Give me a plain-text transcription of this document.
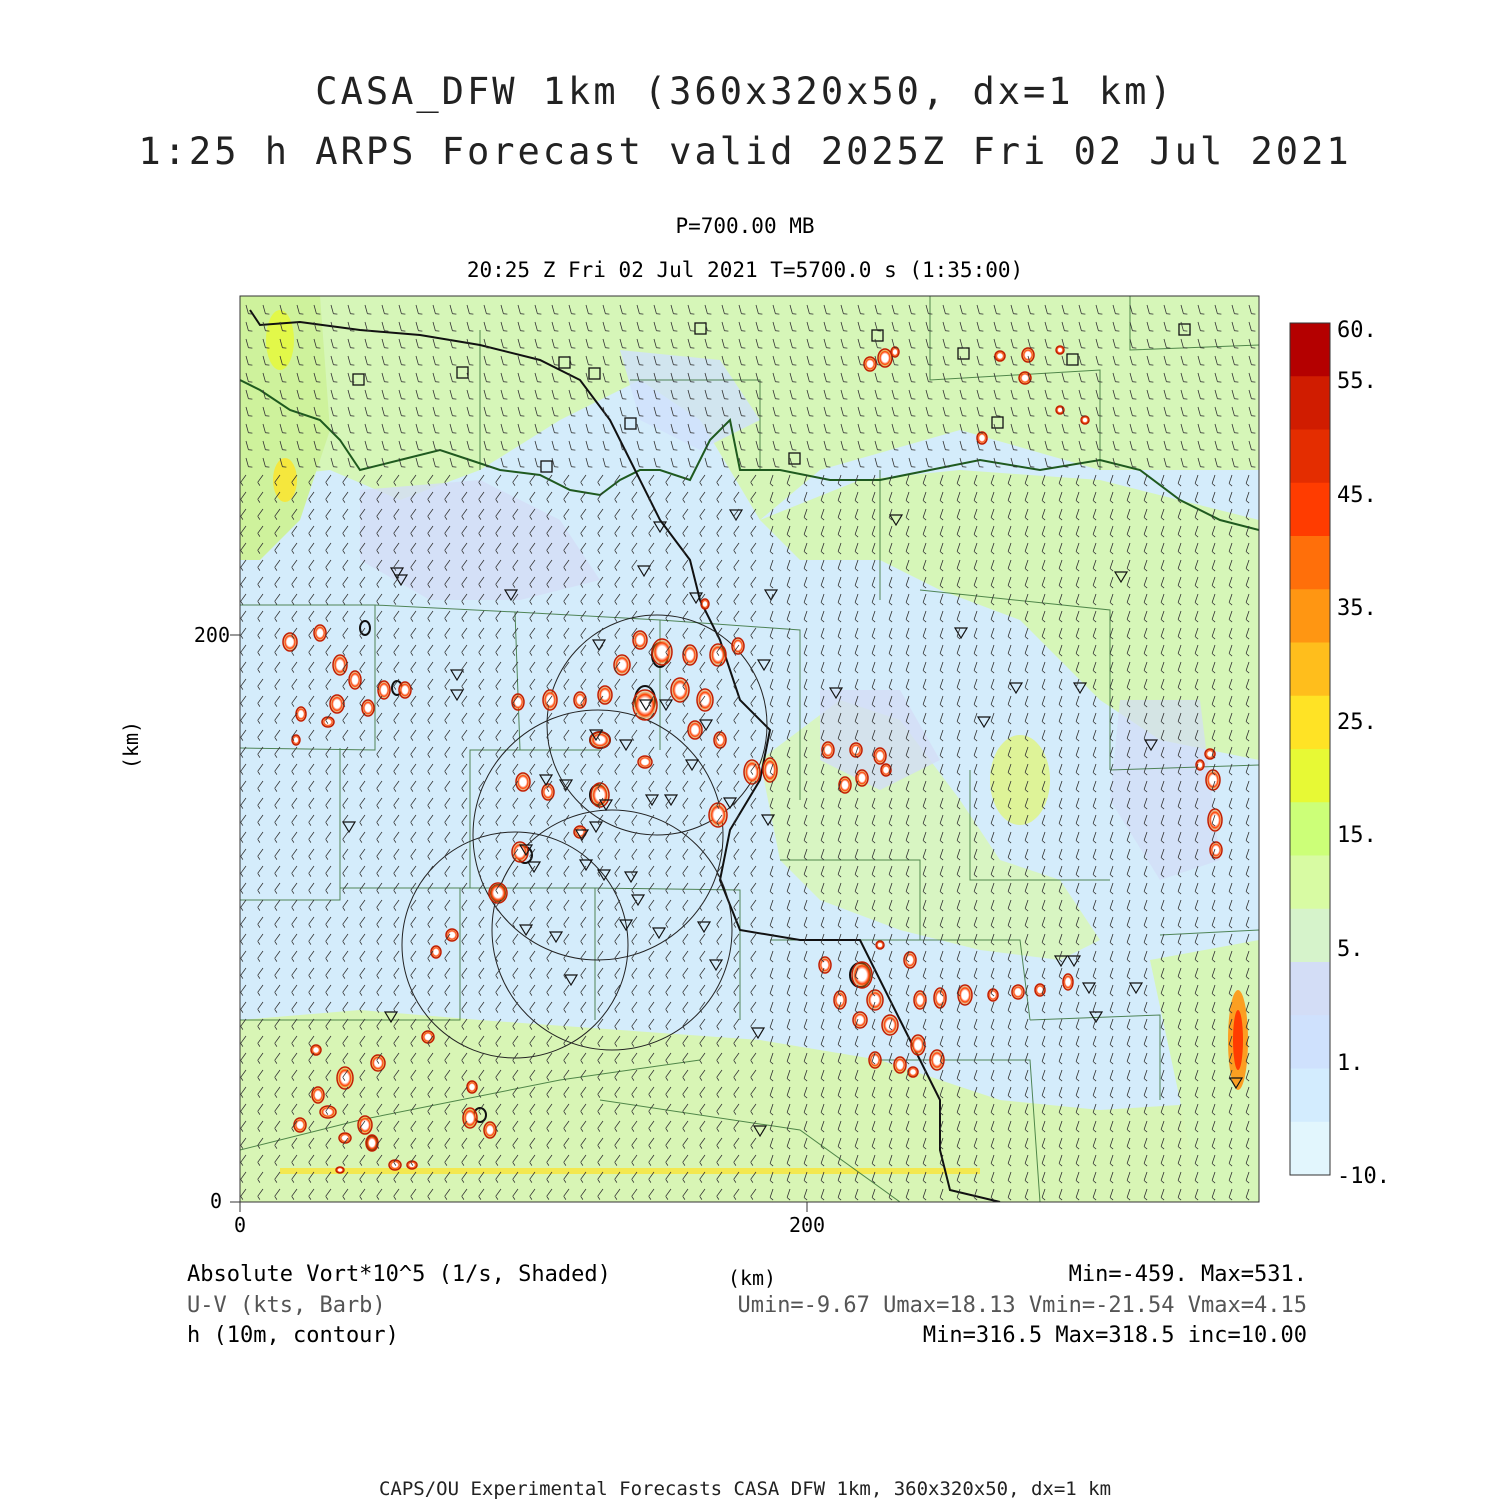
CASA_DFW 1km (360x320x50, dx=1 km)
1:25 h ARPS Forecast valid 2025Z Fri 02 Jul 2021
P=700.00 MB
20:25 Z Fri 02 Jul 2021 T=5700.0 s (1:35:00)
0	200
0
200
(km)
(km)
60.
55.
45.
35.
25.
15.
5.
1.
-10.
Absolute Vort*10^5 (1/s, Shaded)	Min=-459. Max=531.
U-V (kts, Barb)	Umin=-9.67 Umax=18.13 Vmin=-21.54 Vmax=4.15
h (10m, contour)	Min=316.5 Max=318.5 inc=10.00
CAPS/OU Experimental Forecasts CASA DFW 1km, 360x320x50, dx=1 km
